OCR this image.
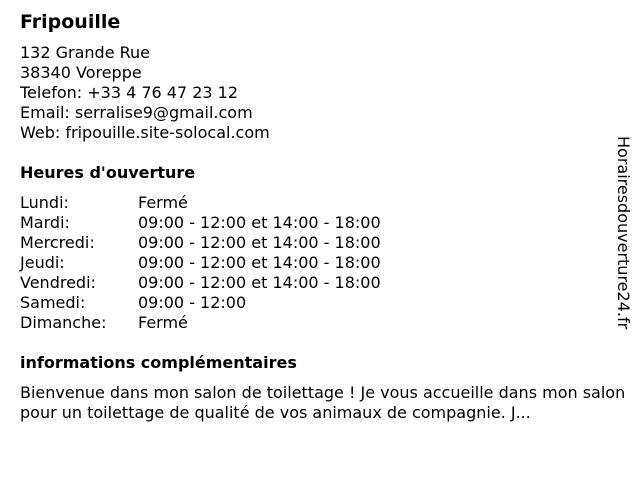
Fripouille
132 Grande Rue
38340 Voreppe
Telefon: +33 4 76 47 23 12
Email: serralise9@gmail.com
Web: fripouille.site-solocal.com
Heures d'ouverture
Lundi:	Fermé
Mardi:	09:00 - 12:00 et 14:00 - 18:00
Mercredi:	09:00 - 12:00 et 14:00 - 18:00
Jeudi:	09:00 - 12:00 et 14:00 - 18:00
Vendredi:	09:00 - 12:00 et 14:00 - 18:00
Samedi:	09:00 - 12:00
Dimanche:	Fermé
informations complémentaires
Bienvenue dans mon salon de toilettage ! Je vous accueille dans mon salon pour un toilettage de qualité de vos animaux de compagnie. J...
Horairesdouverture24.fr
